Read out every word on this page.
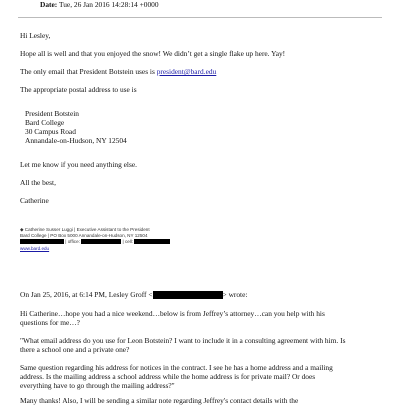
Date: Tue, 26 Jan 2016 14:28:14 +0000
Hi Lesley,
Hope all is well and that you enjoyed the snow! We didn’t get a single flake up here. Yay!
The only email that President Botstein uses is president@bard.edu
The appropriate postal address to use is
President Botstein
Bard College
30 Campus Road
Annandale-on-Hudson, NY 12504
Let me know if you need anything else.
All the best,
Catherine
◆ Catherine Susser Luggi | Executive Assistant to the President
Bard College | PO Box 5000 Annandale-on-Hudson, NY 12504
| office:	| cell:
www.bard.edu
On Jan 25, 2016, at 6:14 PM, Lesley Groff <	> wrote:
Hi Catherine…hope you had a nice weekend…below is from Jeffrey’s attorney…can you help with his
questions for me…?
"What email address do you use for Leon Botstein? I want to include it in a consulting agreement with him. Is
there a school one and a private one?
Same question regarding his address for notices in the contract. I see he has a home address and a mailing
address. Is the mailing address a school address while the home address is for private mail? Or does
everything have to go through the mailing address?"
Many thanks! Also, I will be sending a similar note regarding Jeffrey's contact details with the
